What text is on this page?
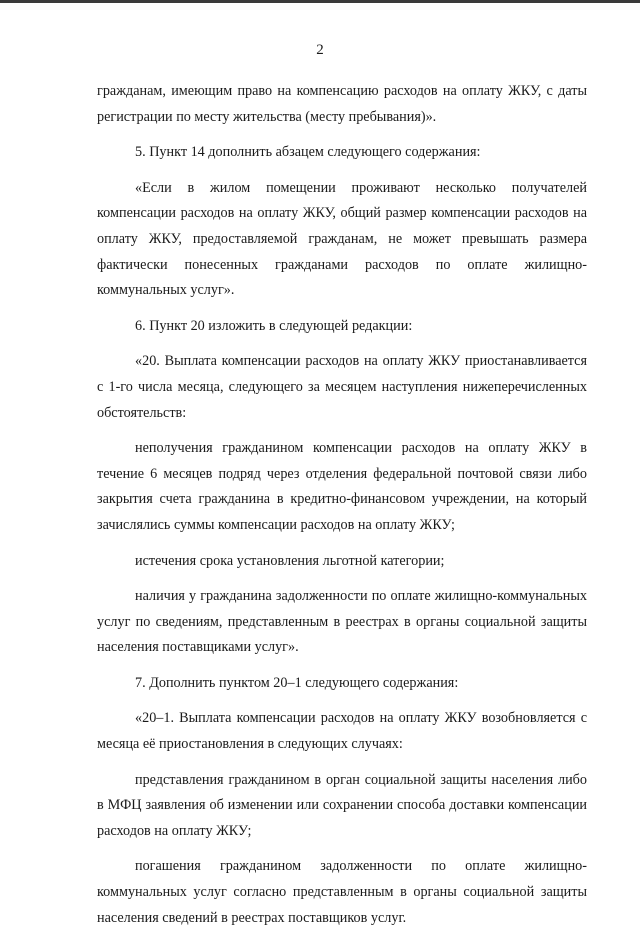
2

гражданам, имеющим право на компенсацию расходов на оплату ЖКУ, с даты регистрации по месту жительства (месту пребывания)».

5. Пункт 14 дополнить абзацем следующего содержания:

«Если в жилом помещении проживают несколько получателей компенсации расходов на оплату ЖКУ, общий размер компенсации расходов на оплату ЖКУ, предоставляемой гражданам, не может превышать размера фактически понесенных гражданами расходов по оплате жилищно-коммунальных услуг».

6. Пункт 20 изложить в следующей редакции:

«20. Выплата компенсации расходов на оплату ЖКУ приостанавливается с 1-го числа месяца, следующего за месяцем наступления нижеперечисленных обстоятельств:

неполучения гражданином компенсации расходов на оплату ЖКУ в течение 6 месяцев подряд через отделения федеральной почтовой связи либо закрытия счета гражданина в кредитно-финансовом учреждении, на который зачислялись суммы компенсации расходов на оплату ЖКУ;

истечения срока установления льготной категории;

наличия у гражданина задолженности по оплате жилищно-коммунальных услуг по сведениям, представленным в реестрах в органы социальной защиты населения поставщиками услуг».

7. Дополнить пунктом 20–1 следующего содержания:

«20–1. Выплата компенсации расходов на оплату ЖКУ возобновляется с месяца её приостановления в следующих случаях:

представления гражданином в орган социальной защиты населения либо в МФЦ заявления об изменении или сохранении способа доставки компенсации расходов на оплату ЖКУ;

погашения гражданином задолженности по оплате жилищно-коммунальных услуг согласно представленным в органы социальной защиты населения сведений в реестрах поставщиков услуг.
